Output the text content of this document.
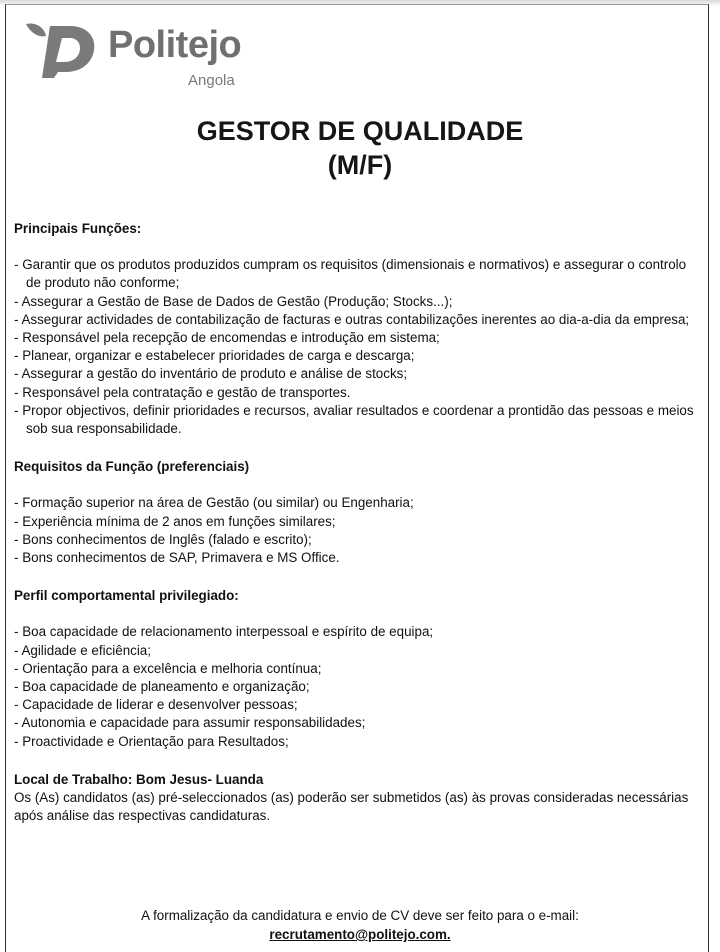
Politejo
Angola
GESTOR DE QUALIDADE
(M/F)

Principais Funções:

- Garantir que os produtos produzidos cumpram os requisitos (dimensionais e normativos) e assegurar o controlo de produto não conforme;
- Assegurar a Gestão de Base de Dados de Gestão (Produção; Stocks...);
- Assegurar actividades de contabilização de facturas e outras contabilizações inerentes ao dia-a-dia da empresa;
- Responsável pela recepção de encomendas e introdução em sistema;
- Planear, organizar e estabelecer prioridades de carga e descarga;
- Assegurar a gestão do inventário de produto e análise de stocks;
- Responsável pela contratação e gestão de transportes.
- Propor objectivos, definir prioridades e recursos, avaliar resultados e coordenar a prontidão das pessoas e meios sob sua responsabilidade.

Requisitos da Função (preferenciais)

- Formação superior na área de Gestão (ou similar) ou Engenharia;
- Experiência mínima de 2 anos em funções similares;
- Bons conhecimentos de Inglês (falado e escrito);
- Bons conhecimentos de SAP, Primavera e MS Office.

Perfil comportamental privilegiado:

- Boa capacidade de relacionamento interpessoal e espírito de equipa;
- Agilidade e eficiência;
- Orientação para a excelência e melhoria contínua;
- Boa capacidade de planeamento e organização;
- Capacidade de liderar e desenvolver pessoas;
- Autonomia e capacidade para assumir responsabilidades;
- Proactividade e Orientação para Resultados;

Local de Trabalho: Bom Jesus- Luanda

Os (As) candidatos (as) pré-seleccionados (as) poderão ser submetidos (as) às provas consideradas necessárias após análise das respectivas candidaturas.

A formalização da candidatura e envio de CV deve ser feito para o e-mail:
recrutamento@politejo.com.
